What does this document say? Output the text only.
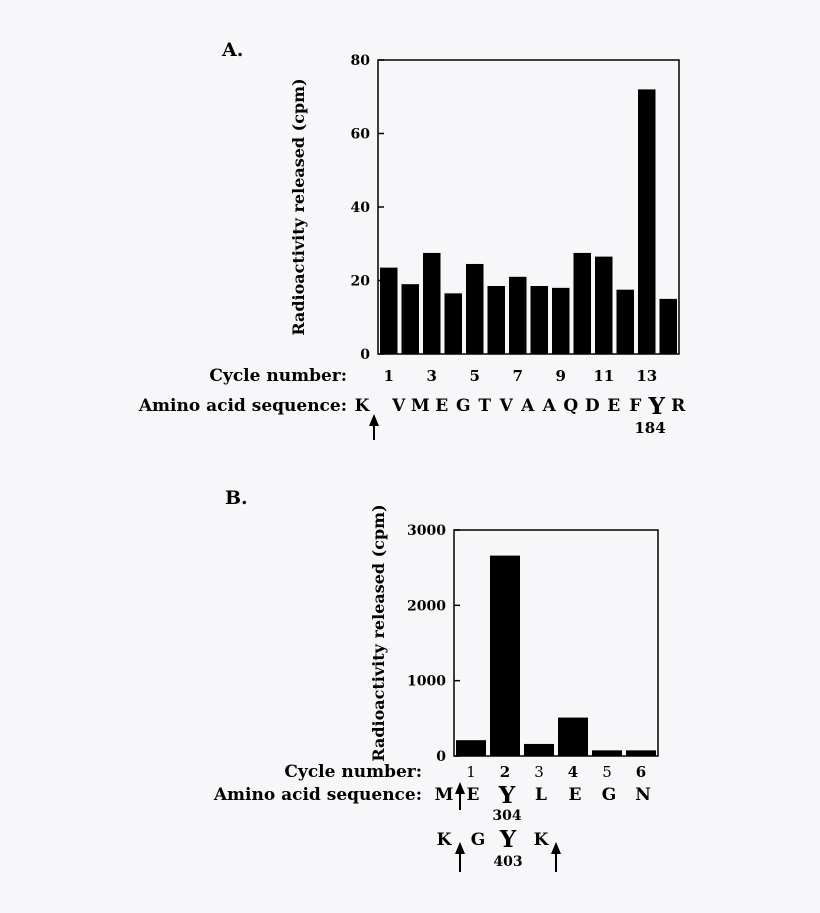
A.
0
20
40
60
80
Radioactivity released (cpm)
Cycle number: 1 3 5 7 9 11 13
Amino acid sequence: K V M E G T V A A Q D E F Y R
184
B.
0
1000
2000
3000
Radioactivity released (cpm)
Cycle number:	1 2 3 4 5 6
Amino acid sequence: M E Y L E G N
304
K G Y K
403
